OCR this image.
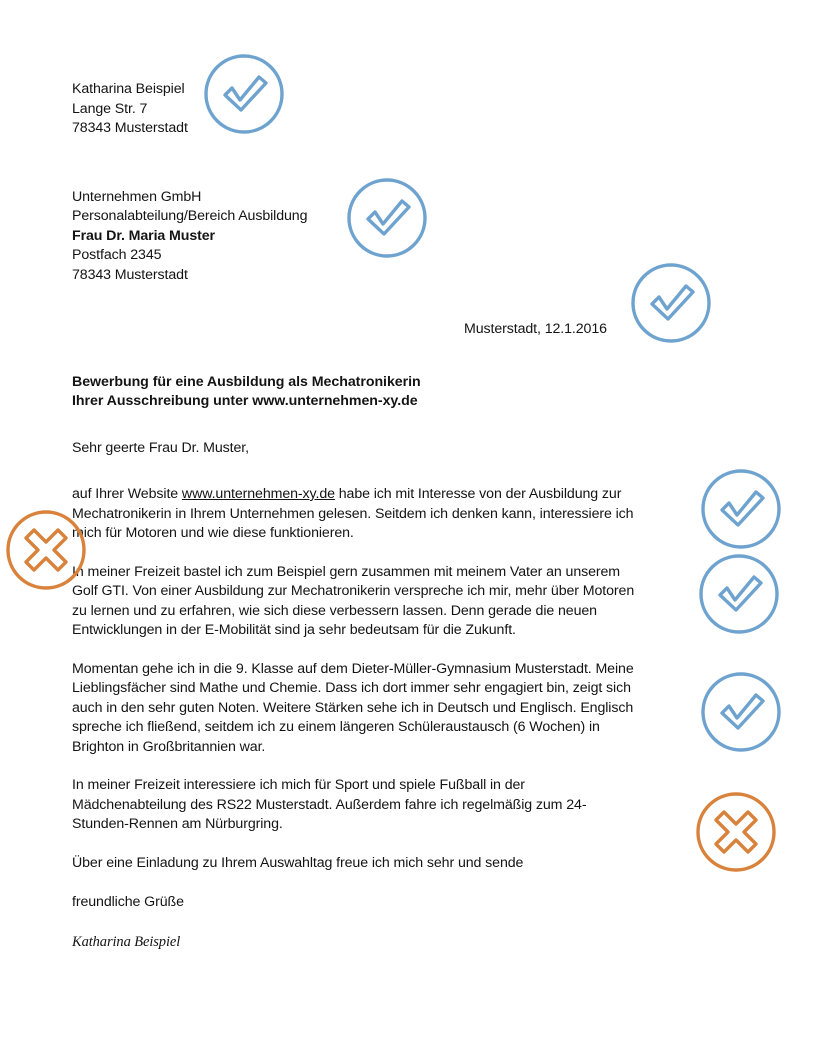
Katharina Beispiel
Lange Str. 7
78343 Musterstadt
Unternehmen GmbH
Personalabteilung/Bereich Ausbildung
Frau Dr. Maria Muster
Postfach 2345
78343 Musterstadt
Musterstadt, 12.1.2016
Bewerbung für eine Ausbildung als Mechatronikerin
Ihrer Ausschreibung unter www.unternehmen-xy.de
Sehr geerte Frau Dr. Muster,
auf Ihrer Website www.unternehmen-xy.de habe ich mit Interesse von der Ausbildung zur
Mechatronikerin in Ihrem Unternehmen gelesen. Seitdem ich denken kann, interessiere ich
mich für Motoren und wie diese funktionieren.
In meiner Freizeit bastel ich zum Beispiel gern zusammen mit meinem Vater an unserem
Golf GTI. Von einer Ausbildung zur Mechatronikerin verspreche ich mir, mehr über Motoren
zu lernen und zu erfahren, wie sich diese verbessern lassen. Denn gerade die neuen
Entwicklungen in der E-Mobilität sind ja sehr bedeutsam für die Zukunft.
Momentan gehe ich in die 9. Klasse auf dem Dieter-Müller-Gymnasium Musterstadt. Meine
Lieblingsfächer sind Mathe und Chemie. Dass ich dort immer sehr engagiert bin, zeigt sich
auch in den sehr guten Noten. Weitere Stärken sehe ich in Deutsch und Englisch. Englisch
spreche ich fließend, seitdem ich zu einem längeren Schüleraustausch (6 Wochen) in
Brighton in Großbritannien war.
In meiner Freizeit interessiere ich mich für Sport und spiele Fußball in der
Mädchenabteilung des RS22 Musterstadt. Außerdem fahre ich regelmäßig zum 24-
Stunden-Rennen am Nürburgring.
Über eine Einladung zu Ihrem Auswahltag freue ich mich sehr und sende
freundliche Grüße
Katharina Beispiel
